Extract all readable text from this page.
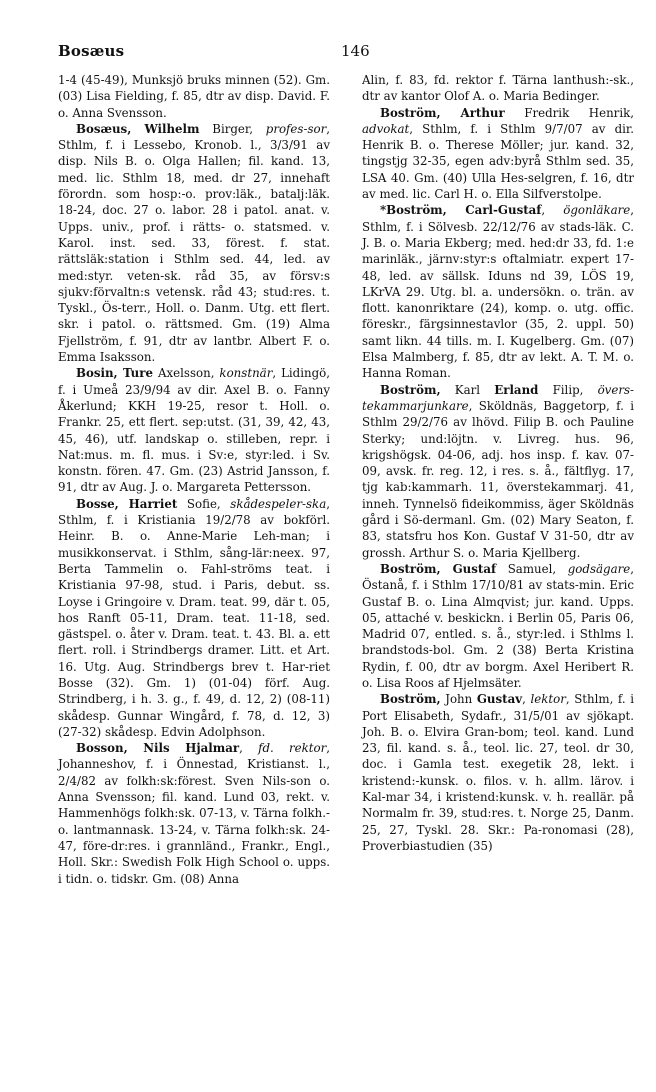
Bosæus	146

1-4 (45-49), Munksjö bruks minnen (52). Gm. (03) Lisa Fielding, f. 85, dtr av disp. David. F. o. Anna Svensson.

Bosæus, Wilhelm Birger, profes-sor, Sthlm, f. i Lessebo, Kronob. l., 3/3/91 av disp. Nils B. o. Olga Hallen; fil. kand. 13, med. lic. Sthlm 18, med. dr 27, innehaft förordn. som hosp:-o. prov:läk., batalj:läk. 18-24, doc. 27 o. labor. 28 i patol. anat. v. Upps. univ., prof. i rätts- o. statsmed. v. Karol. inst. sed. 33, förest. f. stat. rättsläk:station i Sthlm sed. 44, led. av med:styr. veten-sk. råd 35, av försv:s sjukv:förvaltn:s vetensk. råd 43; stud:res. t. Tyskl., Ös-terr., Holl. o. Danm. Utg. ett flert. skr. i patol. o. rättsmed. Gm. (19) Alma Fjellström, f. 91, dtr av lantbr. Albert F. o. Emma Isaksson.

Bosin, Ture Axelsson, konstnär, Lidingö, f. i Umeå 23/9/94 av dir. Axel B. o. Fanny Åkerlund; KKH 19-25, resor t. Holl. o. Frankr. 25, ett flert. sep:utst. (31, 39, 42, 43, 45, 46), utf. landskap o. stilleben, repr. i Nat:mus. m. fl. mus. i Sv:e, styr:led. i Sv. konstn. fören. 47. Gm. (23) Astrid Jansson, f. 91, dtr av Aug. J. o. Margareta Pettersson.

Bosse, Harriet Sofie, skådespeler-ska, Sthlm, f. i Kristiania 19/2/78 av bokförl. Heinr. B. o. Anne-Marie Leh-man; i musikkonservat. i Sthlm, sång-lär:neex. 97, Berta Tammelin o. Fahl-ströms teat. i Kristiania 97-98, stud. i Paris, debut. ss. Loyse i Gringoire v. Dram. teat. 99, där t. 05, hos Ranft 05-11, Dram. teat. 11-18, sed. gästspel. o. åter v. Dram. teat. t. 43. Bl. a. ett flert. roll. i Strindbergs dramer. Litt. et Art. 16. Utg. Aug. Strindbergs brev t. Har-riet Bosse (32). Gm. 1) (01-04) förf. Aug. Strindberg, i h. 3. g., f. 49, d. 12, 2) (08-11) skådesp. Gunnar Wingård, f. 78, d. 12, 3) (27-32) skådesp. Edvin Adolphson.

Bosson, Nils Hjalmar, fd. rektor, Johanneshov, f. i Önnestad, Kristianst. l., 2/4/82 av folkh:sk:förest. Sven Nils-son o. Anna Svensson; fil. kand. Lund 03, rekt. v. Hammenhögs folkh:sk. 07-13, v. Tärna folkh.- o. lantmannask. 13-24, v. Tärna folkh:sk. 24-47, före-dr:res. i grannländ., Frankr., Engl., Holl. Skr.: Swedish Folk High School o. upps. i tidn. o. tidskr. Gm. (08) Anna

Alin, f. 83, fd. rektor f. Tärna lanthush:-sk., dtr av kantor Olof A. o. Maria Bedinger.

Boström, Arthur Fredrik Henrik, advokat, Sthlm, f. i Sthlm 9/7/07 av dir. Henrik B. o. Therese Möller; jur. kand. 32, tingstjg 32-35, egen adv:byrå Sthlm sed. 35, LSA 40. Gm. (40) Ulla Hes-selgren, f. 16, dtr av med. lic. Carl H. o. Ella Silfverstolpe.

*Boström, Carl-Gustaf, ögonläkare, Sthlm, f. i Sölvesb. 22/12/76 av stads-läk. C. J. B. o. Maria Ekberg; med. hed:dr 33, fd. 1:e marinläk., järnv:styr:s oftalmiatr. expert 17-48, led. av sällsk. Iduns nd 39, LÖS 19, LKrVA 29. Utg. bl. a. undersökn. o. trän. av flott. kanonriktare (24), komp. o. utg. offic. föreskr., färgsinnestavlor (35, 2. uppl. 50) samt likn. 44 tills. m. I. Kugelberg. Gm. (07) Elsa Malmberg, f. 85, dtr av lekt. A. T. M. o. Hanna Roman.

Boström, Karl Erland Filip, övers-tekammarjunkare, Sköldnäs, Baggetorp, f. i Sthlm 29/2/76 av lhövd. Filip B. och Pauline Sterky; und:löjtn. v. Livreg. hus. 96, krigshögsk. 04-06, adj. hos insp. f. kav. 07-09, avsk. fr. reg. 12, i res. s. å., fältflyg. 17, tjg kab:kammarh. 11, överstekammarj. 41, inneh. Tynnelsö fideikommiss, äger Sköldnäs gård i Sö-dermanl. Gm. (02) Mary Seaton, f. 83, statsfru hos Kon. Gustaf V 31-50, dtr av grossh. Arthur S. o. Maria Kjellberg.

Boström, Gustaf Samuel, godsägare, Östanå, f. i Sthlm 17/10/81 av stats-min. Eric Gustaf B. o. Lina Almqvist; jur. kand. Upps. 05, attaché v. beskickn. i Berlin 05, Paris 06, Madrid 07, entled. s. å., styr:led. i Sthlms l. brandstods-bol. Gm. 2 (38) Berta Kristina Rydin, f. 00, dtr av borgm. Axel Heribert R. o. Lisa Roos af Hjelmsäter.

Boström, John Gustav, lektor, Sthlm, f. i Port Elisabeth, Sydafr., 31/5/01 av sjökapt. Joh. B. o. Elvira Gran-bom; teol. kand. Lund 23, fil. kand. s. å., teol. lic. 27, teol. dr 30, doc. i Gamla test. exegetik 28, lekt. i kristend:-kunsk. o. filos. v. h. allm. lärov. i Kal-mar 34, i kristend:kunsk. v. h. reallär. på Normalm fr. 39, stud:res. t. Norge 25, Danm. 25, 27, Tyskl. 28. Skr.: Pa-ronomasi (28), Proverbiastudien (35)
